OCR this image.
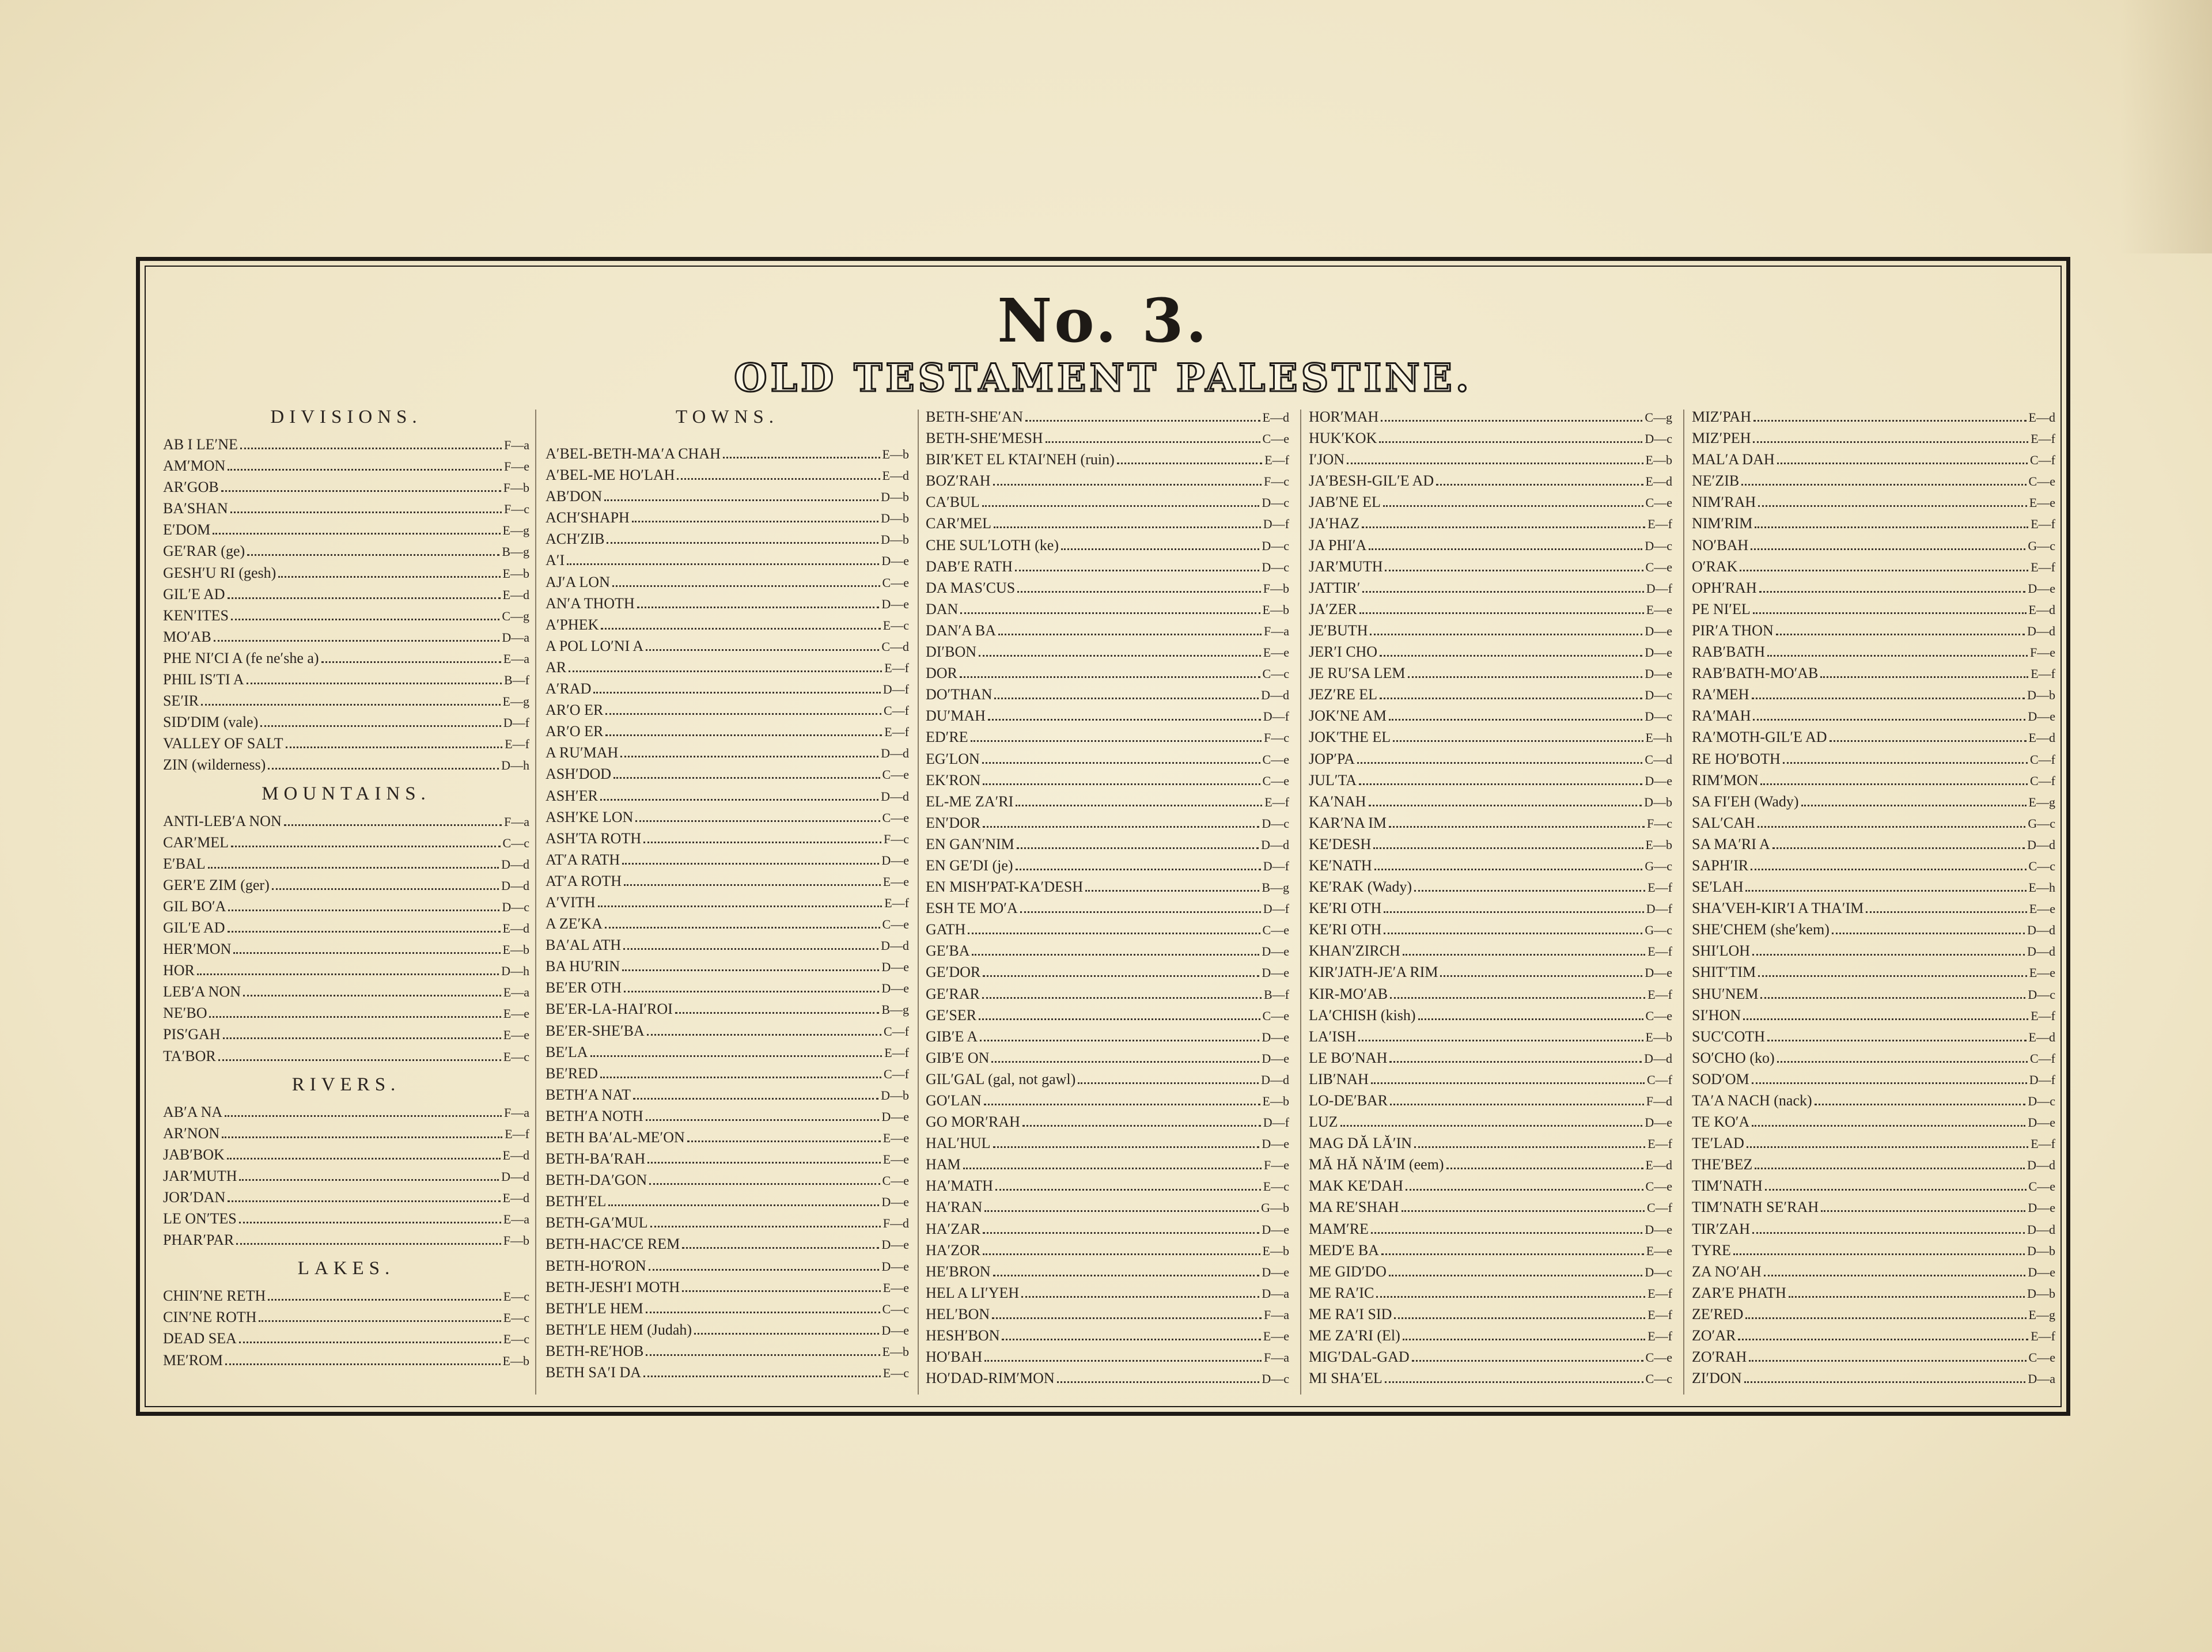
No. 3.
OLD TESTAMENT PALESTINE.
DIVISIONS.
AB I LE′NE	F—a
AM′MON	F—e
AR′GOB	F—b
BA′SHAN	F—c
E′DOM	E—g
GE′RAR (ge)	B—g
GESH′U RI (gesh)	E—b
GIL′E AD	E—d
KEN′ITES	C—g
MO′AB	D—a
PHE NI′CI A (fe ne′she a)	E—a
PHIL IS′TI A	B—f
SE′IR	E—g
SID′DIM (vale)	D—f
VALLEY OF SALT	E—f
ZIN (wilderness)	D—h
MOUNTAINS.
ANTI-LEB′A NON	F—a
CAR′MEL	C—c
E′BAL	D—d
GER′E ZIM (ger)	D—d
GIL BO′A	D—c
GIL′E AD	E—d
HER′MON	E—b
HOR	D—h
LEB′A NON	E—a
NE′BO	E—e
PIS′GAH	E—e
TA′BOR	E—c
RIVERS.
AB′A NA	F—a
AR′NON	E—f
JAB′BOK	E—d
JAR′MUTH	D—d
JOR′DAN	E—d
LE ON′TES	E—a
PHAR′PAR	F—b
LAKES.
CHIN′NE RETH	E—c
CIN′NE ROTH	E—c
DEAD SEA	E—c
ME′ROM	E—b
TOWNS.
A′BEL-BETH-MA′A CHAH	E—b
A′BEL-ME HO′LAH	E—d
AB′DON	D—b
ACH′SHAPH	D—b
ACH′ZIB	D—b
A′I	D—e
AJ′A LON	C—e
AN′A THOTH	D—e
A′PHEK	E—c
A POL LO′NI A	C—d
AR	E—f
A′RAD	D—f
AR′O ER	C—f
AR′O ER	E—f
A RU′MAH	D—d
ASH′DOD	C—e
ASH′ER	D—d
ASH′KE LON	C—e
ASH′TA ROTH	F—c
AT′A RATH	D—e
AT′A ROTH	E—e
A′VITH	E—f
A ZE′KA	C—e
BA′AL ATH	D—d
BA HU′RIN	D—e
BE′ER OTH	D—e
BE′ER-LA-HAI′ROI	B—g
BE′ER-SHE′BA	C—f
BE′LA	E—f
BE′RED	C—f
BETH′A NAT	D—b
BETH′A NOTH	D—e
BETH BA′AL-ME′ON	E—e
BETH-BA′RAH	E—e
BETH-DA′GON	C—e
BETH′EL	D—e
BETH-GA′MUL	F—d
BETH-HAC′CE REM	D—e
BETH-HO′RON	D—e
BETH-JESH′I MOTH	E—e
BETH′LE HEM	C—c
BETH′LE HEM (Judah)	D—e
BETH-RE′HOB	E—b
BETH SA′I DA	E—c
BETH-SHE′AN	E—d
BETH-SHE′MESH	C—e
BIR′KET EL KTAI′NEH (ruin)	E—f
BOZ′RAH	F—c
CA′BUL	D—c
CAR′MEL	D—f
CHE SUL′LOTH (ke)	D—c
DAB′E RATH	D—c
DA MAS′CUS	F—b
DAN	E—b
DAN′A BA	F—a
DI′BON	E—e
DOR	C—c
DO′THAN	D—d
DU′MAH	D—f
ED′RE	F—c
EG′LON	C—e
EK′RON	C—e
EL-ME ZA′RI	E—f
EN′DOR	D—c
EN GAN′NIM	D—d
EN GE′DI (je)	D—f
EN MISH′PAT-KA′DESH	B—g
ESH TE MO′A	D—f
GATH	C—e
GE′BA	D—e
GE′DOR	D—e
GE′RAR	B—f
GE′SER	C—e
GIB′E A	D—e
GIB′E ON	D—e
GIL′GAL (gal, not gawl)	D—d
GO′LAN	E—b
GO MOR′RAH	D—f
HAL′HUL	D—e
HAM	F—e
HA′MATH	E—c
HA′RAN	G—b
HA′ZAR	D—e
HA′ZOR	E—b
HE′BRON	D—e
HEL A LI′YEH	D—a
HEL′BON	F—a
HESH′BON	E—e
HO′BAH	F—a
HO′DAD-RIM′MON	D—c
HOR′MAH	C—g
HUK′KOK	D—c
I′JON	E—b
JA′BESH-GIL′E AD	E—d
JAB′NE EL	C—e
JA′HAZ	E—f
JA PHI′A	D—c
JAR′MUTH	C—e
JATTIR′	D—f
JA′ZER	E—e
JE′BUTH	D—e
JER′I CHO	D—e
JE RU′SA LEM	D—e
JEZ′RE EL	D—c
JOK′NE AM	D—c
JOK′THE EL	E—h
JOP′PA	C—d
JUL′TA	D—e
KA′NAH	D—b
KAR′NA IM	F—c
KE′DESH	E—b
KE′NATH	G—c
KE′RAK (Wady)	E—f
KE′RI OTH	D—f
KE′RI OTH	G—c
KHAN′ZIRCH	E—f
KIR′JATH-JE′A RIM	D—e
KIR-MO′AB	E—f
LA′CHISH (kish)	C—e
LA′ISH	E—b
LE BO′NAH	D—d
LIB′NAH	C—f
LO-DE′BAR	F—d
LUZ	D—e
MAG DĂ LĂ′IN	E—f
MĂ HĂ NĂ′IM (eem)	E—d
MAK KE′DAH	C—e
MA RE′SHAH	C—f
MAM′RE	D—e
MED′E BA	E—e
ME GID′DO	D—c
ME RA′IC	E—f
ME RA′I SID	E—f
ME ZA′RI (El)	E—f
MIG′DAL-GAD	C—e
MI SHA′EL	C—c
MIZ′PAH	E—d
MIZ′PEH	E—f
MAL′A DAH	C—f
NE′ZIB	C—e
NIM′RAH	E—e
NIM′RIM	E—f
NO′BAH	G—c
O′RAK	E—f
OPH′RAH	D—e
PE NI′EL	E—d
PIR′A THON	D—d
RAB′BATH	F—e
RAB′BATH-MO′AB	E—f
RA′MEH	D—b
RA′MAH	D—e
RA′MOTH-GIL′E AD	E—d
RE HO′BOTH	C—f
RIM′MON	C—f
SA FI′EH (Wady)	E—g
SAL′CAH	G—c
SA MA′RI A	D—d
SAPH′IR	C—c
SE′LAH	E—h
SHA′VEH-KIR′I A THA′IM	E—e
SHE′CHEM (she′kem)	D—d
SHI′LOH	D—d
SHIT′TIM	E—e
SHU′NEM	D—c
SI′HON	E—f
SUC′COTH	E—d
SO′CHO (ko)	C—f
SOD′OM	D—f
TA′A NACH (nack)	D—c
TE KO′A	D—e
TE′LAD	E—f
THE′BEZ	D—d
TIM′NATH	C—e
TIM′NATH SE′RAH	D—e
TIR′ZAH	D—d
TYRE	D—b
ZA NO′AH	D—e
ZAR′E PHATH	D—b
ZE′RED	E—g
ZO′AR	E—f
ZO′RAH	C—e
ZI′DON	D—a
